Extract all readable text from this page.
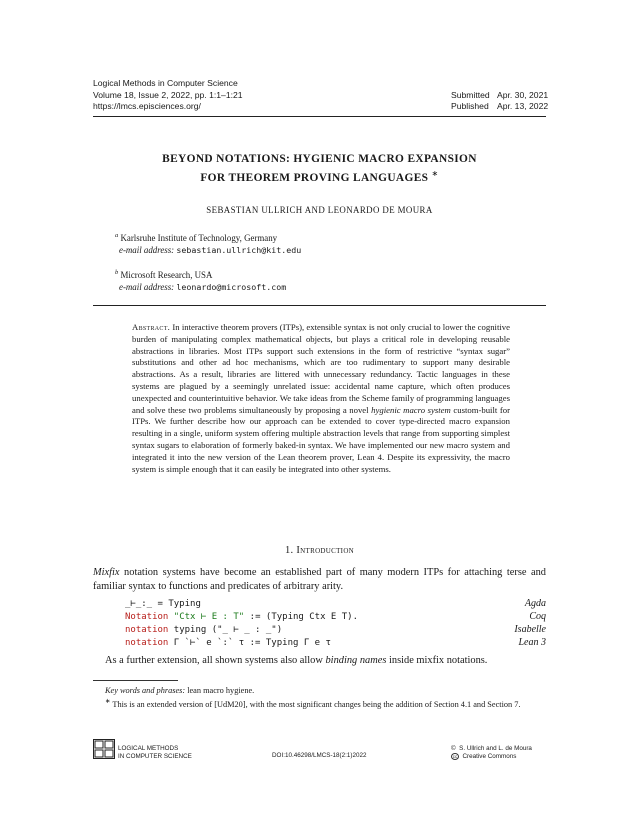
Logical Methods in Computer Science
Volume 18, Issue 2, 2022, pp. 1:1–1:21
https://lmcs.episciences.org/
Submitted Apr. 30, 2021
Published Apr. 13, 2022
BEYOND NOTATIONS: HYGIENIC MACRO EXPANSION
FOR THEOREM PROVING LANGUAGES ∗
SEBASTIAN ULLRICH AND LEONARDO DE MOURA
$^a$ Karlsruhe Institute of Technology, Germany
e-mail address: sebastian.ullrich@kit.edu
$^b$ Microsoft Research, USA
e-mail address: leonardo@microsoft.com
Abstract. In interactive theorem provers (ITPs), extensible syntax is not only crucial to lower the cognitive burden of manipulating complex mathematical objects, but plays a critical role in developing reusable abstractions in libraries. Most ITPs support such extensions in the form of restrictive “syntax sugar” substitutions and other ad hoc mechanisms, which are too rudimentary to support many desirable abstractions. As a result, libraries are littered with unnecessary redundancy. Tactic languages in these systems are plagued by a seemingly unrelated issue: accidental name capture, which often produces unexpected and counterintuitive behavior. We take ideas from the Scheme family of programming languages and solve these two problems simultaneously by proposing a novel hygienic macro system custom-built for ITPs. We further describe how our approach can be extended to cover type-directed macro expansion resulting in a single, uniform system offering multiple abstraction levels that range from supporting simplest syntax sugars to elaboration of formerly baked-in syntax. We have implemented our new macro system and integrated it into the new version of the Lean theorem prover, Lean 4. Despite its expressivity, the macro system is simple enough that it can easily be integrated into other systems.
1. Introduction
Mixfix notation systems have become an established part of many modern ITPs for attaching terse and familiar syntax to functions and predicates of arbitrary arity.
_⊢_:_ = Typing	Agda
Notation "Ctx ⊢ E : T" := (Typing Ctx E T).	Coq
notation typing ("_ ⊢ _ : _")	Isabelle
notation Γ `⊢` e `:` τ := Typing Γ e τ	Lean 3
As a further extension, all shown systems also allow binding names inside mixfix notations.
Key words and phrases: lean macro hygiene.
∗ This is an extended version of [UdM20], with the most significant changes being the addition of Section 4.1 and Section 7.
LOGICAL METHODS
IN COMPUTER SCIENCE	DOI:10.46298/LMCS-18(2:1)2022
© S. Ullrich and L. de Moura
cc Creative Commons
